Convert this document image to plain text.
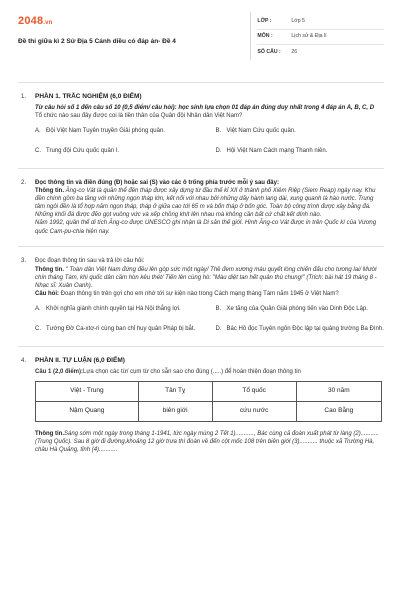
2048.vn
Đề thi giữa kì 2 Sử Địa 5 Cánh diều có đáp án- Đề 4
LỚP :	Lớp 5
MÔN :	Lịch sử & Địa lí
SỐ CÂU :	26
1.	PHẦN 1. TRẮC NGHIỆM (6,0 ĐIỂM)
Từ câu hỏi số 1 đến câu số 10 (0,5 điểm/ câu hỏi): học sinh lựa chọn 01 đáp án đúng duy nhất trong 4 đáp án A, B, C, D
Tổ chức nào sau đây được coi là tiền thân của Quân đội Nhân dân Việt Nam?
A. Đội Việt Nam Tuyên truyền Giải phóng quân.	B. Việt Nam Cứu quốc quân.
C. Trung đội Cứu quốc quân I.	D. Hội Việt Nam Cách mạng Thanh niên.
2.	Đọc thông tin và điền đúng (Đ) hoặc sai (S) vào các ô trống phía trước mỗi ý sau đây:
Thông tin. Ăng-co Vát là quần thể đền tháp được xây dựng từ đầu thế kỉ XII ở thành phố Xiêm Riệp (Siem Reap) ngày nay. Khu đền chính gồm ba tầng với những ngọn tháp lớn, kết nối với nhau bởi những dãy hành lang dài, xung quanh là hào nước. Trung tâm ngôi đền là tổ hợp năm ngọn tháp, tháp ở giữa cao tới 65 m và bốn tháp ở bốn góc. Toàn bộ công trình được xây bằng đá. Những khối đá được đẽo gọt vuông vức và xếp chồng khít lên nhau mà không cần bất cứ chất kết dính nào.
Năm 1992, quần thể di tích Ăng-co được UNESCO ghi nhận là Di sản thế giới. Hình Ăng-co Vát được in trên Quốc kì của Vương quốc Cam-pu-chia hiện nay.
3.	Đọc đoạn thông tin sau và trả lời câu hỏi:
Thông tin. " Toàn dân Việt Nam đứng đều lên góp sức một ngày/ Thề đem xương máu quyết lòng chiến đấu cho tương lai/ Mười chín tháng Tám, khi quốc dân cầm hòn kêu thét/ Tiến lên cùng hò: "Màu diệt tan hết quân thù chung!" (Trích: bài hát 19 tháng 8 - Nhạc sĩ: Xuân Oanh).
Câu hỏi: Đoạn thông tin trên gợi cho em nhớ tới sự kiện nào trong Cách mạng tháng Tám năm 1945 ở Việt Nam?
A. Khởi nghĩa giành chính quyền tại Hà Nội thắng lợi.	B. Xe tăng của Quân Giải phóng tiến vào Dinh Độc Lập.
C. Tướng Đờ Ca-xtơ-ri cùng ban chỉ huy quân Pháp bị bắt.	D. Bác Hồ đọc Tuyên ngôn Độc lập tại quảng trường Ba Đình.
4.	PHẦN II. TỰ LUẬN (6,0 ĐIỂM)
Câu 1 (2,0 điểm):Lựa chọn các từ/ cụm từ cho sẵn sao cho đúng (.....) để hoàn thiện đoạn thông tin
Việt - Trung	Tân Tỵ	Tổ quốc	30 năm
Nậm Quang	biên giới	cứu nước	Cao Bằng
Thông tin.Sáng sớm một ngày trong tháng 1-1941, tức ngày mùng 2 Tết 1)..........., Bác cùng cả đoàn xuất phát từ làng (2)........... (Trung Quốc). Sau 8 giờ đi đường,khoảng 12 giờ trưa thì đoàn về đến cột mốc 108 trên biên giới (3)........... thuộc xã Trường Hà, châu Hà Quảng, tỉnh (4)...........
